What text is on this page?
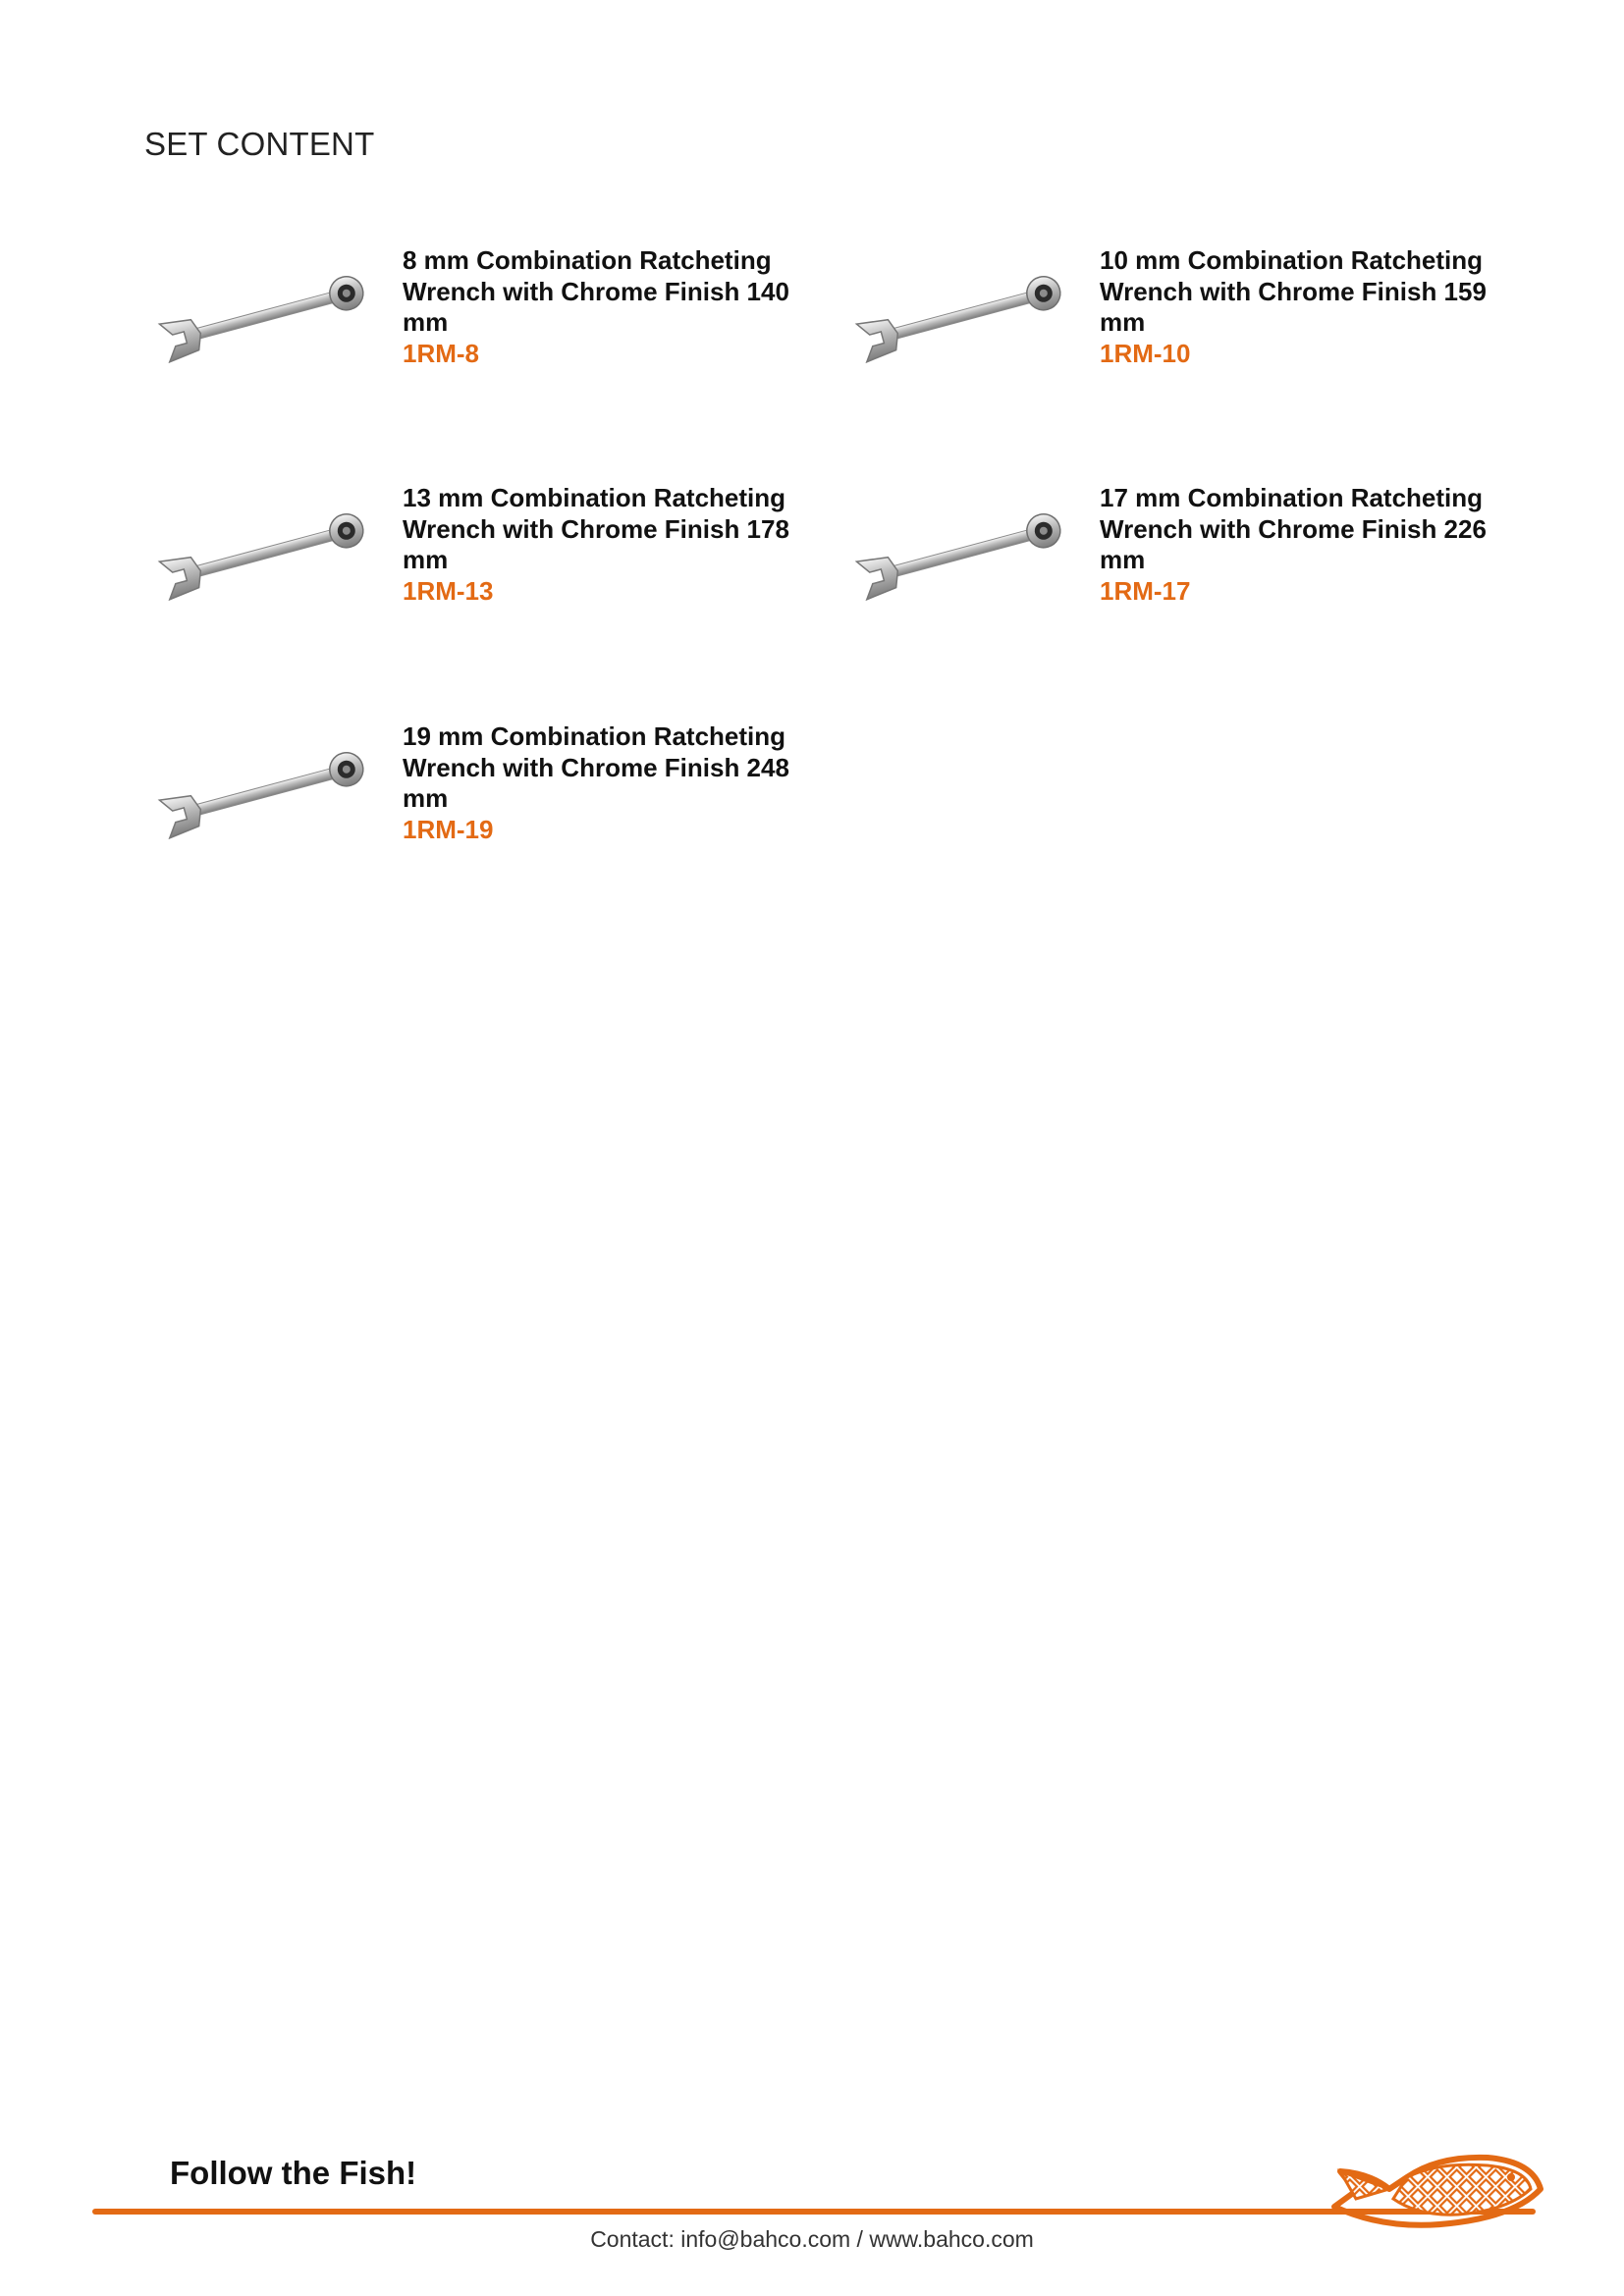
SET CONTENT

8 mm Combination Ratcheting Wrench with Chrome Finish 140 mm

1RM-8

10 mm Combination Ratcheting Wrench with Chrome Finish 159 mm

1RM-10

13 mm Combination Ratcheting Wrench with Chrome Finish 178 mm

1RM-13

17 mm Combination Ratcheting Wrench with Chrome Finish 226 mm

1RM-17

19 mm Combination Ratcheting Wrench with Chrome Finish 248 mm

1RM-19

Follow the Fish!

Contact: info@bahco.com / www.bahco.com
